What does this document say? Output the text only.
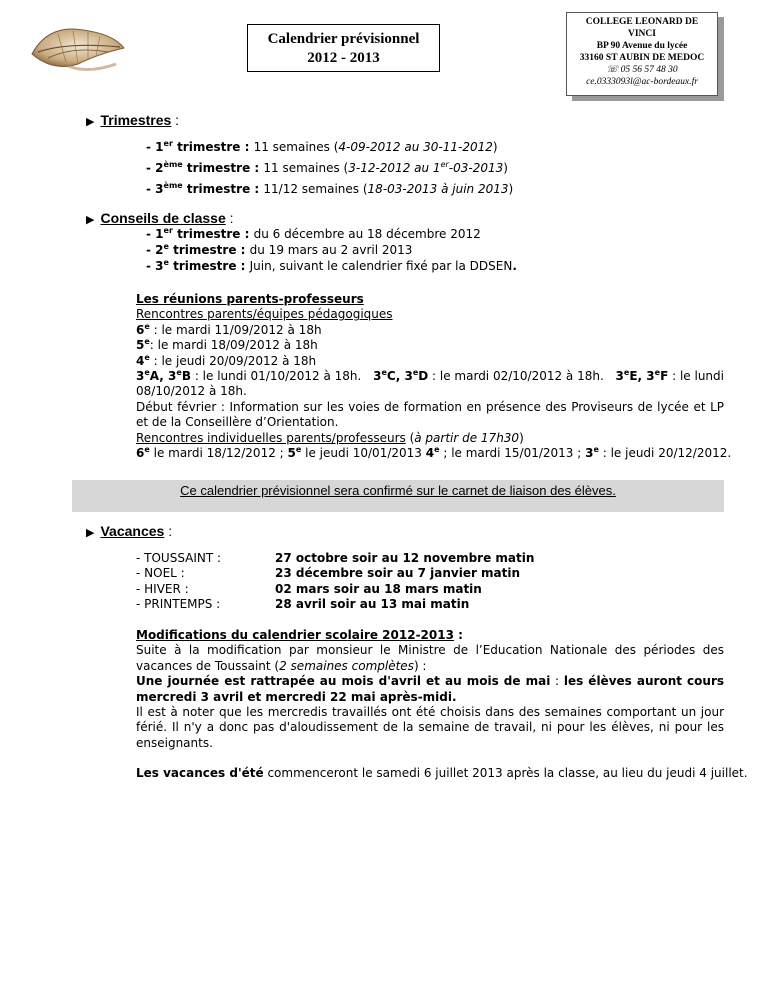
Calendrier prévisionnel
2012 - 2013
COLLEGE LEONARD DE
VINCI
BP 90 Avenue du lycée
33160 ST AUBIN DE MEDOC
☏ 05 56 57 48 30
ce.0333093l@ac-bordeaux.fr
▶ Trimestres :
- 1er trimestre : 11 semaines (4-09-2012 au 30-11-2012)
- 2ème trimestre : 11 semaines (3-12-2012 au 1er-03-2013)
- 3ème trimestre : 11/12 semaines (18-03-2013 à juin 2013)
▶ Conseils de classe :
- 1er trimestre : du 6 décembre au 18 décembre 2012
- 2e trimestre : du 19 mars au 2 avril 2013
- 3e trimestre : Juin, suivant le calendrier fixé par la DDSEN.
Les réunions parents-professeurs
Rencontres parents/équipes pédagogiques
6e : le mardi 11/09/2012 à 18h
5e: le mardi 18/09/2012 à 18h
4e : le jeudi 20/09/2012 à 18h
3eA, 3eB : le lundi 01/10/2012 à 18h. 3eC, 3eD : le mardi 02/10/2012 à 18h. 3eE, 3eF : le lundi
08/10/2012 à 18h.
Début février : Information sur les voies de formation en présence des Proviseurs de lycée et LP et de la Conseillère d’Orientation.
Rencontres individuelles parents/professeurs (à partir de 17h30)
6e le mardi 18/12/2012 ; 5e le jeudi 10/01/2013 4e ; le mardi 15/01/2013 ; 3e : le jeudi 20/12/2012.
Ce calendrier prévisionnel sera confirmé sur le carnet de liaison des élèves.
▶ Vacances :
- TOUSSAINT :	27 octobre soir au 12 novembre matin
- NOEL :	23 décembre soir au 7 janvier matin
- HIVER :	02 mars soir au 18 mars matin
- PRINTEMPS :	28 avril soir au 13 mai matin
Modifications du calendrier scolaire 2012-2013 :
Suite à la modification par monsieur le Ministre de l’Education Nationale des périodes des vacances de Toussaint (2 semaines complètes) :
Une journée est rattrapée au mois d'avril et au mois de mai : les élèves auront cours mercredi 3 avril et mercredi 22 mai après-midi.
Il est à noter que les mercredis travaillés ont été choisis dans des semaines comportant un jour férié. Il n'y a donc pas d'aloudissement de la semaine de travail, ni pour les élèves, ni pour les enseignants.
Les vacances d'été commenceront le samedi 6 juillet 2013 après la classe, au lieu du jeudi 4 juillet.
